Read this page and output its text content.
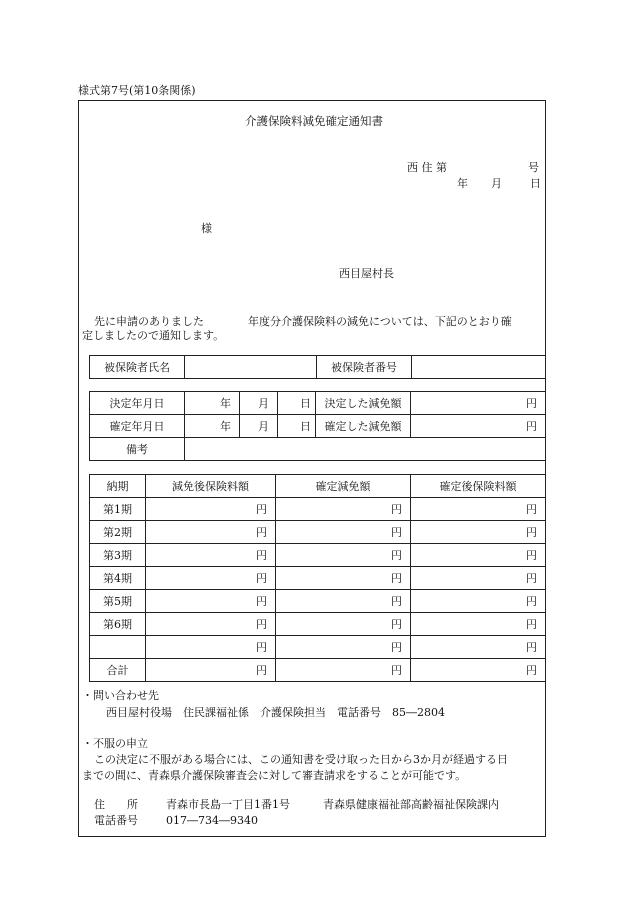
様式第7号(第10条関係)
介護保険料減免確定通知書
西 住 第	号
年 月	日
様
西目屋村長
先に申請のありました　　　　年度分介護保険料の減免については、下記のとおり確
定しましたので通知します。
被保険者氏名		被保険者番号	
決定年月日	年	月	日	決定した減免額	円
確定年月日	年	月	日	確定した減免額	円
備考					
納期	減免後保険料額	確定減免額	確定後保険料額
第1期	円	円	円
第2期	円	円	円
第3期	円	円	円
第4期	円	円	円
第5期	円	円	円
第6期	円	円	円
	円	円	円
合計	円	円	円
・問い合わせ先
西目屋村役場　住民課福祉係　介護保険担当　電話番号　85―2804
・不服の申立
この決定に不服がある場合には、この通知書を受け取った日から3か月が経過する日
までの間に、青森県介護保険審査会に対して審査請求をすることが可能です。
住　　所	青森市長島一丁目1番1号	青森県健康福祉部高齢福祉保険課内
電話番号	017―734―9340
